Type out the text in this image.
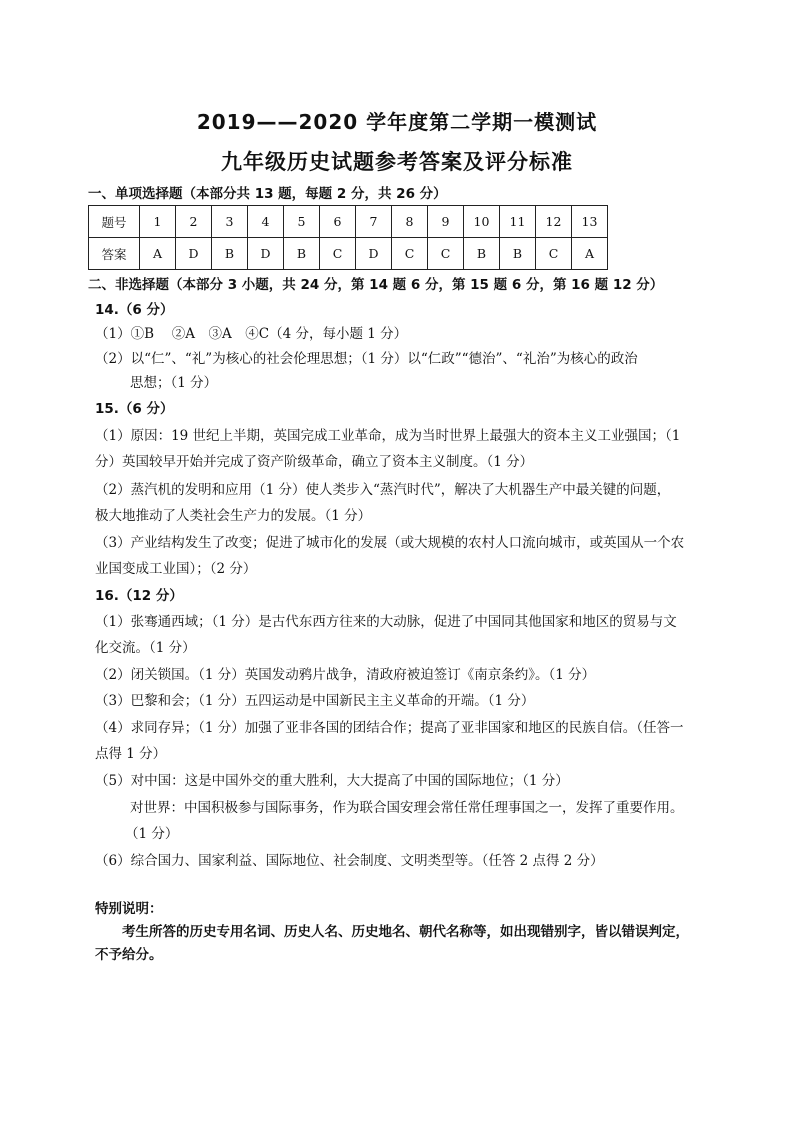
2019——2020 学年度第二学期一模测试
九年级历史试题参考答案及评分标准
一、单项选择题（本部分共 13 题，每题 2 分，共 26 分）
题号	1	2	3	4	5	6	7	8	9	10	11	12	13
答案	A	D	B	D	B	C	D	C	C	B	B	C	A
二、非选择题（本部分 3 小题，共 24 分，第 14 题 6 分，第 15 题 6 分，第 16 题 12 分）
14.（6 分）
（1）①B　 ②A　③A　④C（4 分，每小题 1 分）
（2）以“仁”、“礼”为核心的社会伦理思想；（1 分）以“仁政”“德治”、“礼治”为核心的政治
思想；（1 分）
15.（6 分）
（1）原因：19 世纪上半期，英国完成工业革命，成为当时世界上最强大的资本主义工业强国；（1
分）英国较早开始并完成了资产阶级革命，确立了资本主义制度。（1 分）
（2）蒸汽机的发明和应用（1 分）使人类步入“蒸汽时代”，解决了大机器生产中最关键的问题，
极大地推动了人类社会生产力的发展。（1 分）
（3）产业结构发生了改变；促进了城市化的发展（或大规模的农村人口流向城市，或英国从一个农
业国变成工业国）；（2 分）
16.（12 分）
（1）张骞通西域；（1 分）是古代东西方往来的大动脉，促进了中国同其他国家和地区的贸易与文
化交流。（1 分）
（2）闭关锁国。（1 分）英国发动鸦片战争，清政府被迫签订《南京条约》。（1 分）
（3）巴黎和会；（1 分）五四运动是中国新民主主义革命的开端。（1 分）
（4）求同存异；（1 分）加强了亚非各国的团结合作；提高了亚非国家和地区的民族自信。（任答一
点得 1 分）
（5）对中国：这是中国外交的重大胜利，大大提高了中国的国际地位；（1 分）
对世界：中国积极参与国际事务，作为联合国安理会常任常任理事国之一，发挥了重要作用。
（1 分）
（6）综合国力、国家利益、国际地位、社会制度、文明类型等。（任答 2 点得 2 分）
特别说明：
考生所答的历史专用名词、历史人名、历史地名、朝代名称等，如出现错别字，皆以错误判定，
不予给分。
